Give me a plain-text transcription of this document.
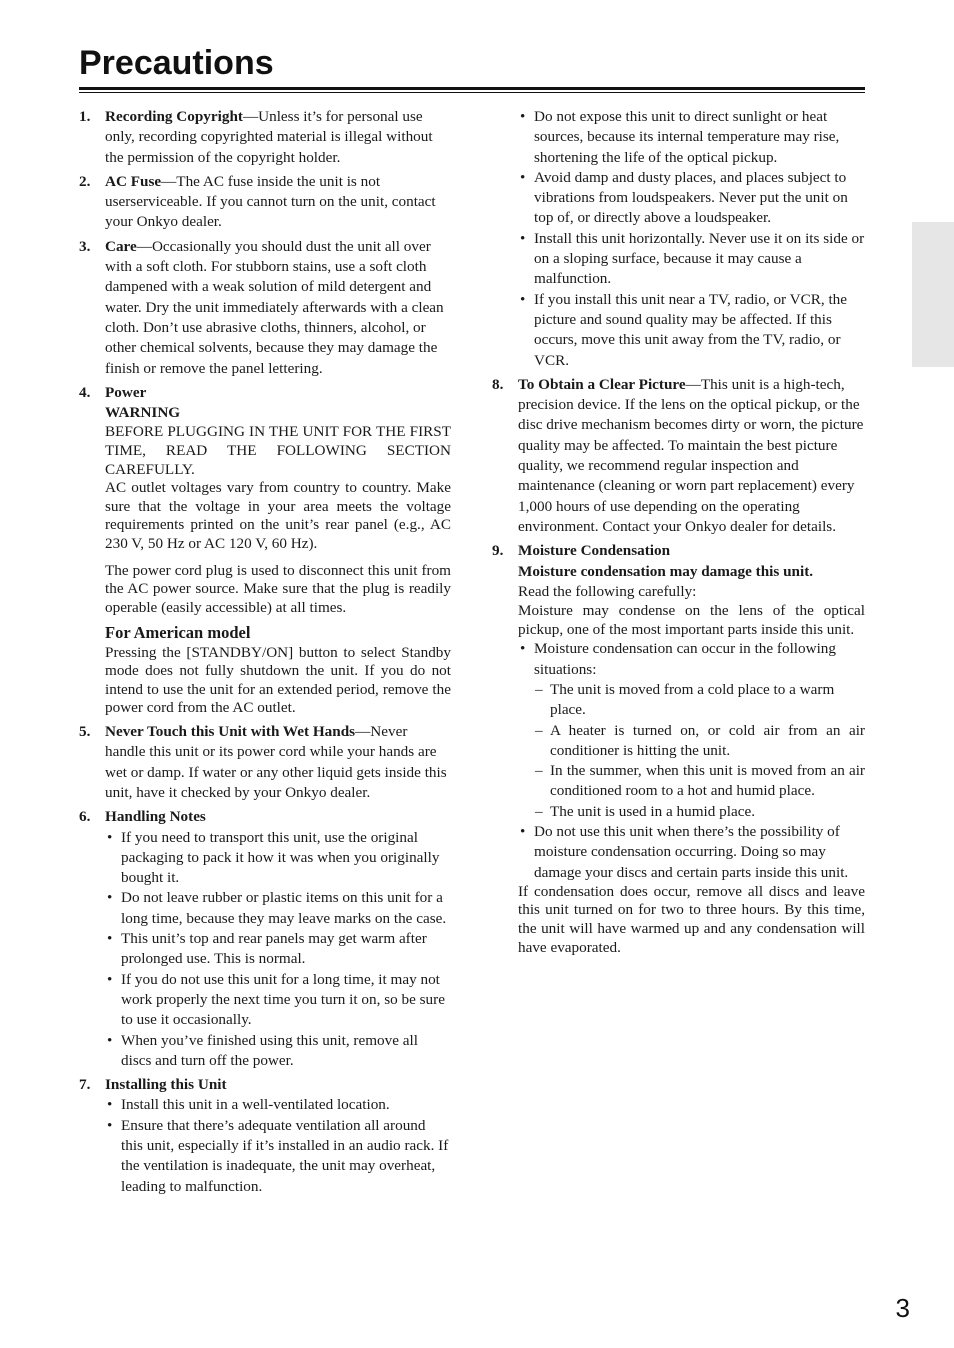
Precautions
1. Recording Copyright—Unless it’s for personal use only, recording copyrighted material is illegal without the permission of the copyright holder.

2. AC Fuse—The AC fuse inside the unit is not userserviceable. If you cannot turn on the unit, contact your Onkyo dealer.

3. Care—Occasionally you should dust the unit all over with a soft cloth. For stubborn stains, use a soft cloth dampened with a weak solution of mild detergent and water. Dry the unit immediately afterwards with a clean cloth. Don’t use abrasive cloths, thinners, alcohol, or other chemical solvents, because they may damage the finish or remove the panel lettering.

4. Power
WARNING

BEFORE PLUGGING IN THE UNIT FOR THE FIRST TIME, READ THE FOLLOWING SECTION CAREFULLY.

AC outlet voltages vary from country to country. Make sure that the voltage in your area meets the voltage requirements printed on the unit’s rear panel (e.g., AC 230 V, 50 Hz or AC 120 V, 60 Hz).

The power cord plug is used to disconnect this unit from the AC power source. Make sure that the plug is readily operable (easily accessible) at all times.

For American model

Pressing the [STANDBY/ON] button to select Standby mode does not fully shutdown the unit. If you do not intend to use the unit for an extended period, remove the power cord from the AC outlet.

5. Never Touch this Unit with Wet Hands—Never handle this unit or its power cord while your hands are wet or damp. If water or any other liquid gets inside this unit, have it checked by your Onkyo dealer.

6. Handling Notes
• If you need to transport this unit, use the original packaging to pack it how it was when you originally bought it.
• Do not leave rubber or plastic items on this unit for a long time, because they may leave marks on the case.
• This unit’s top and rear panels may get warm after prolonged use. This is normal.
• If you do not use this unit for a long time, it may not work properly the next time you turn it on, so be sure to use it occasionally.
• When you’ve finished using this unit, remove all discs and turn off the power.
7. Installing this Unit
• Install this unit in a well-ventilated location.
• Ensure that there’s adequate ventilation all around this unit, especially if it’s installed in an audio rack. If the ventilation is inadequate, the unit may overheat, leading to malfunction.
• Do not expose this unit to direct sunlight or heat sources, because its internal temperature may rise, shortening the life of the optical pickup.
• Avoid damp and dusty places, and places subject to vibrations from loudspeakers. Never put the unit on top of, or directly above a loudspeaker.
• Install this unit horizontally. Never use it on its side or on a sloping surface, because it may cause a malfunction.
• If you install this unit near a TV, radio, or VCR, the picture and sound quality may be affected. If this occurs, move this unit away from the TV, radio, or VCR.
8. To Obtain a Clear Picture—This unit is a high-tech, precision device. If the lens on the optical pickup, or the disc drive mechanism becomes dirty or worn, the picture quality may be affected. To maintain the best picture quality, we recommend regular inspection and maintenance (cleaning or worn part replacement) every 1,000 hours of use depending on the operating environment. Contact your Onkyo dealer for details.

9. Moisture Condensation
Moisture condensation may damage this unit.
Read the following carefully:

Moisture may condense on the lens of the optical pickup, one of the most important parts inside this unit.

• Moisture condensation can occur in the following situations:
– The unit is moved from a cold place to a warm place.
– A heater is turned on, or cold air from an air conditioner is hitting the unit.
– In the summer, when this unit is moved from an air conditioned room to a hot and humid place.
– The unit is used in a humid place.
• Do not use this unit when there’s the possibility of moisture condensation occurring. Doing so may damage your discs and certain parts inside this unit.

If condensation does occur, remove all discs and leave this unit turned on for two to three hours. By this time, the unit will have warmed up and any condensation will have evaporated.

3
